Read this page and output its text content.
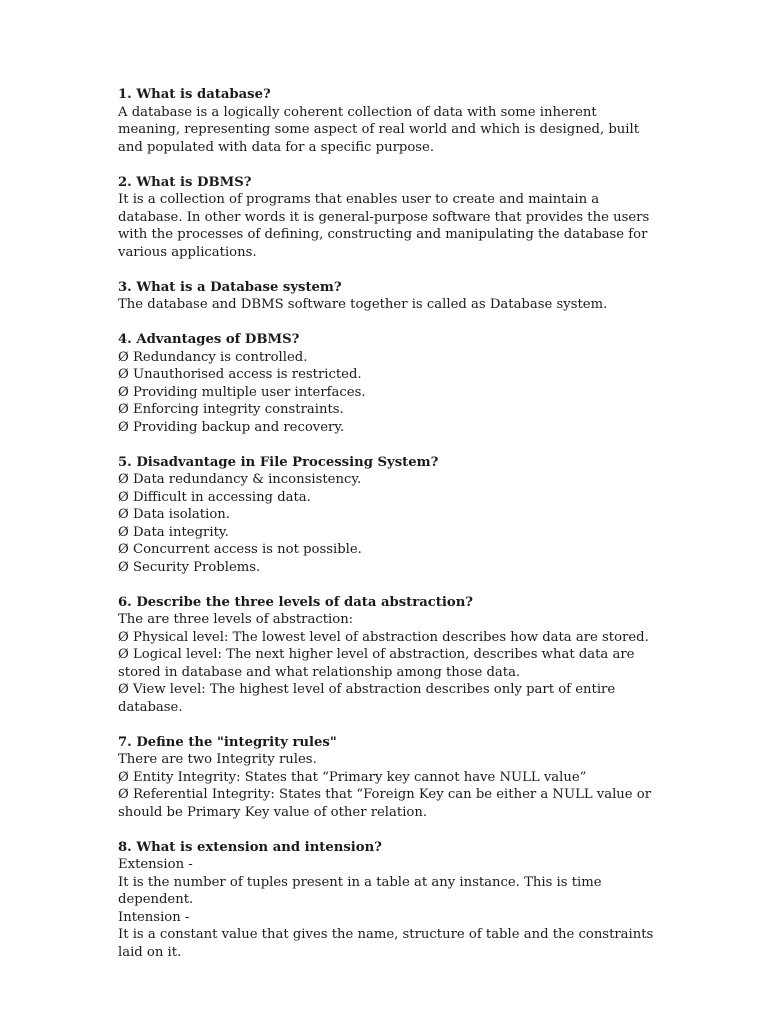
1. What is database?
A database is a logically coherent collection of data with some inherent meaning, representing some aspect of real world and which is designed, built and populated with data for a specific purpose.
2. What is DBMS?
It is a collection of programs that enables user to create and maintain a database. In other words it is general-purpose software that provides the users with the processes of defining, constructing and manipulating the database for various applications.
3. What is a Database system?
The database and DBMS software together is called as Database system.
4. Advantages of DBMS?
Ø Redundancy is controlled.
Ø Unauthorised access is restricted.
Ø Providing multiple user interfaces.
Ø Enforcing integrity constraints.
Ø Providing backup and recovery.
5. Disadvantage in File Processing System?
Ø Data redundancy & inconsistency.
Ø Difficult in accessing data.
Ø Data isolation.
Ø Data integrity.
Ø Concurrent access is not possible.
Ø Security Problems.
6. Describe the three levels of data abstraction?
The are three levels of abstraction:
Ø Physical level: The lowest level of abstraction describes how data are stored.
Ø Logical level: The next higher level of abstraction, describes what data are stored in database and what relationship among those data.
Ø View level: The highest level of abstraction describes only part of entire database.
7. Define the "integrity rules"
There are two Integrity rules.
Ø Entity Integrity: States that “Primary key cannot have NULL value”
Ø Referential Integrity: States that “Foreign Key can be either a NULL value or should be Primary Key value of other relation.
8. What is extension and intension?
Extension -
It is the number of tuples present in a table at any instance. This is time dependent.
Intension -
It is a constant value that gives the name, structure of table and the constraints laid on it.
